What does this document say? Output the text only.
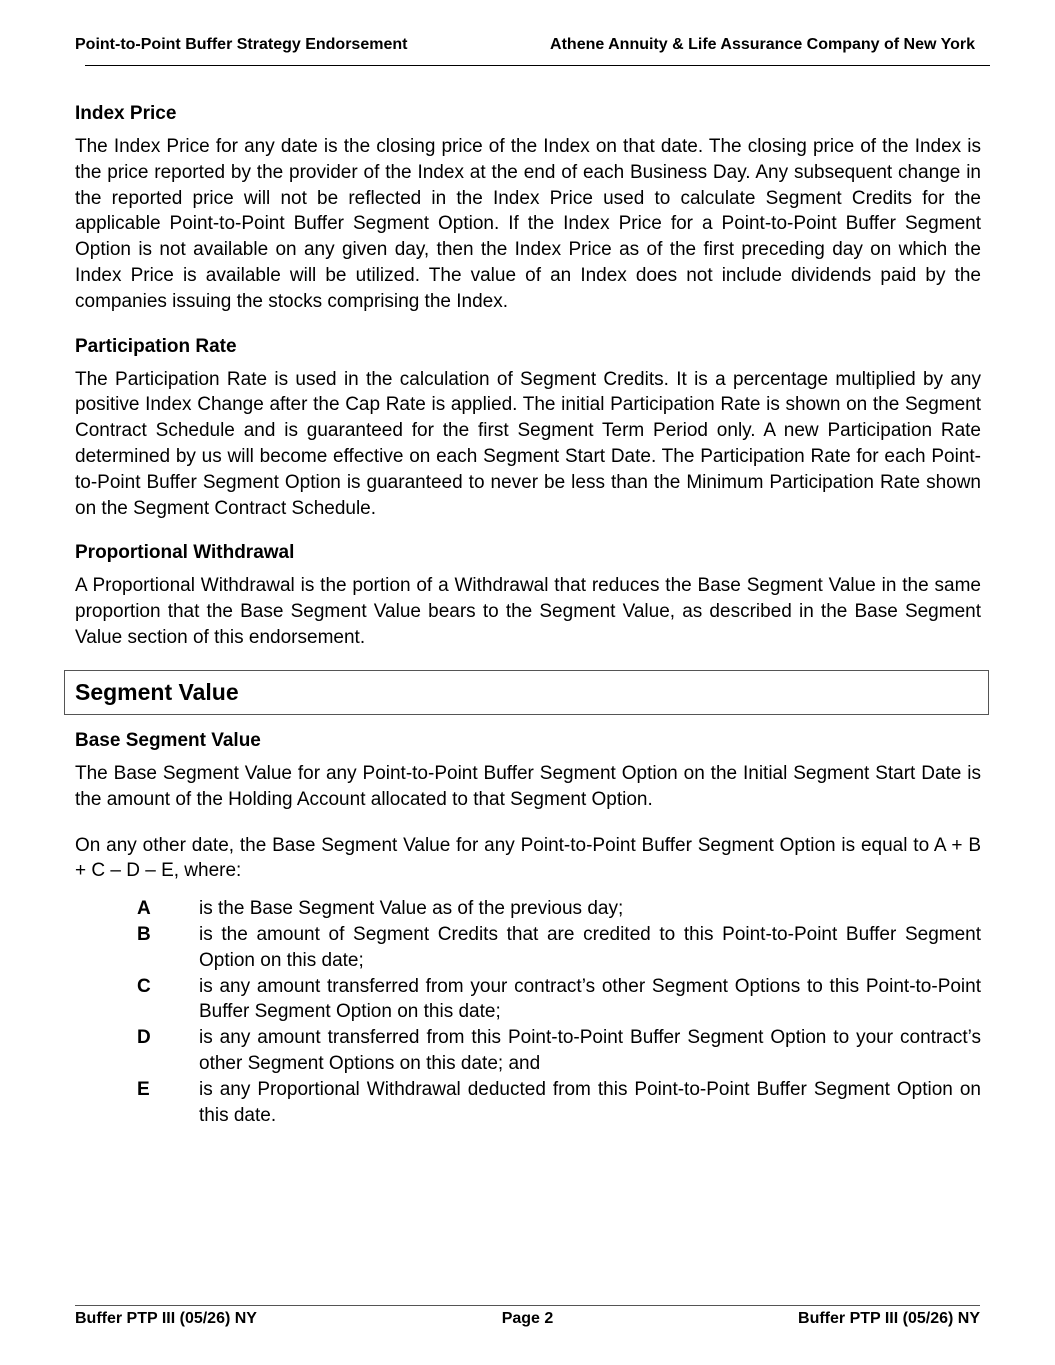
Point-to-Point Buffer Strategy Endorsement	Athene Annuity & Life Assurance Company of New York
Index Price

The Index Price for any date is the closing price of the Index on that date. The closing price of the Index is the price reported by the provider of the Index at the end of each Business Day. Any subsequent change in the reported price will not be reflected in the Index Price used to calculate Segment Credits for the applicable Point-to-Point Buffer Segment Option. If the Index Price for a Point-to-Point Buffer Segment Option is not available on any given day, then the Index Price as of the first preceding day on which the Index Price is available will be utilized. The value of an Index does not include dividends paid by the companies issuing the stocks comprising the Index.

Participation Rate

The Participation Rate is used in the calculation of Segment Credits. It is a percentage multiplied by any positive Index Change after the Cap Rate is applied. The initial Participation Rate is shown on the Segment Contract Schedule and is guaranteed for the first Segment Term Period only. A new Participation Rate determined by us will become effective on each Segment Start Date. The Participation Rate for each Point-to-Point Buffer Segment Option is guaranteed to never be less than the Minimum Participation Rate shown on the Segment Contract Schedule.

Proportional Withdrawal

A Proportional Withdrawal is the portion of a Withdrawal that reduces the Base Segment Value in the same proportion that the Base Segment Value bears to the Segment Value, as described in the Base Segment Value section of this endorsement.

Segment Value
Base Segment Value

The Base Segment Value for any Point-to-Point Buffer Segment Option on the Initial Segment Start Date is the amount of the Holding Account allocated to that Segment Option.

On any other date, the Base Segment Value for any Point-to-Point Buffer Segment Option is equal to A + B + C – D – E, where:

A	is the Base Segment Value as of the previous day;
B	is the amount of Segment Credits that are credited to this Point-to-Point Buffer Segment Option on this date;
C	is any amount transferred from your contract’s other Segment Options to this Point-to-Point Buffer Segment Option on this date;
D	is any amount transferred from this Point-to-Point Buffer Segment Option to your contract’s other Segment Options on this date; and
E	is any Proportional Withdrawal deducted from this Point-to-Point Buffer Segment Option on this date.
Buffer PTP III (05/26) NY	Page 2	Buffer PTP III (05/26) NY
